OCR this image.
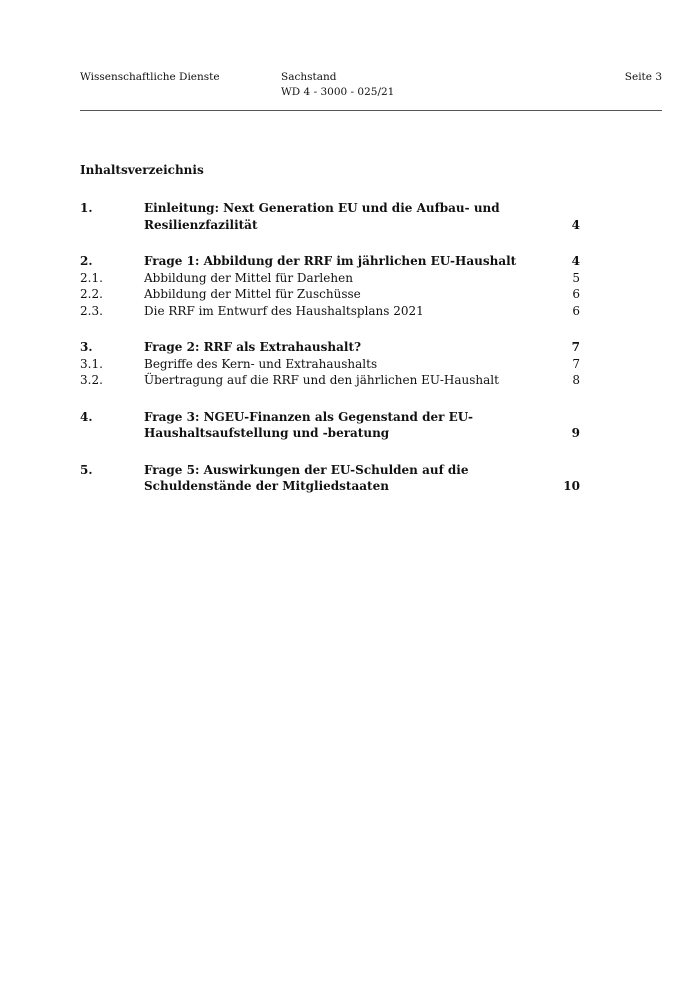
Wissenschaftliche Dienste	Sachstand
WD 4 - 3000 - 025/21
Seite 3
Inhaltsverzeichnis
1.	Einleitung: Next Generation EU und die Aufbau- und
Resilienzfazilität	4
2.	Frage 1: Abbildung der RRF im jährlichen EU-Haushalt	4
2.1.	Abbildung der Mittel für Darlehen	5
2.2.	Abbildung der Mittel für Zuschüsse	6
2.3.	Die RRF im Entwurf des Haushaltsplans 2021	6
3.	Frage 2: RRF als Extrahaushalt?	7
3.1.	Begriffe des Kern- und Extrahaushalts	7
3.2.	Übertragung auf die RRF und den jährlichen EU-Haushalt	8
4.	Frage 3: NGEU-Finanzen als Gegenstand der EU-
Haushaltsaufstellung und -beratung	9
5.	Frage 5: Auswirkungen der EU-Schulden auf die
Schuldenstände der Mitgliedstaaten	10
